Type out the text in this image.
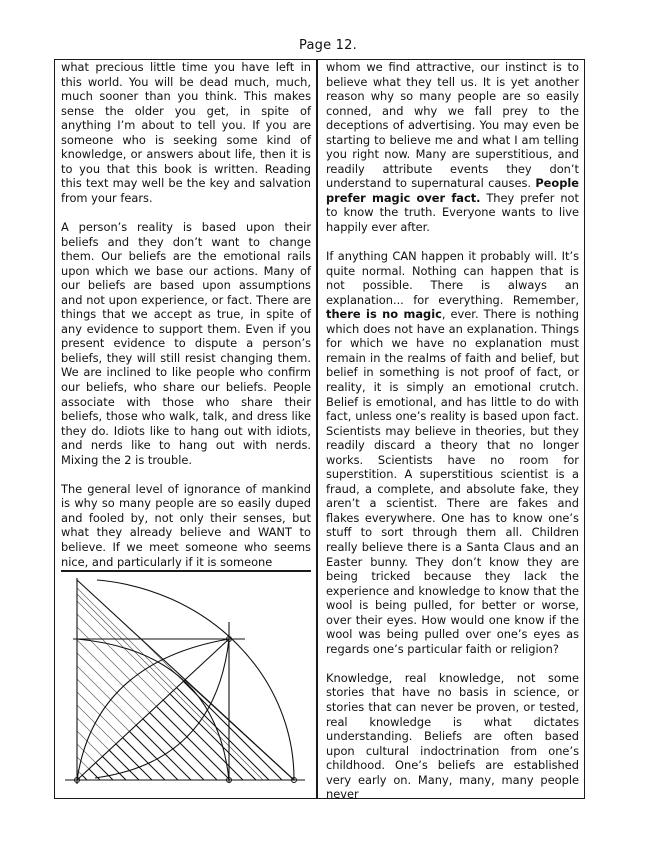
Page 12.

what precious little time you have left in this world. You will be dead much, much, much sooner than you think. This makes sense the older you get, in spite of anything I’m about to tell you. If you are someone who is seeking some kind of knowledge, or answers about life, then it is to you that this book is written. Reading this text may well be the key and salvation from your fears.

A person’s reality is based upon their beliefs and they don’t want to change them. Our beliefs are the emotional rails upon which we base our actions. Many of our beliefs are based upon assumptions and not upon experience, or fact. There are things that we accept as true, in spite of any evidence to support them. Even if you present evidence to dispute a person’s beliefs, they will still resist changing them. We are inclined to like people who confirm our beliefs, who share our beliefs. People associate with those who share their beliefs, those who walk, talk, and dress like they do. Idiots like to hang out with idiots, and nerds like to hang out with nerds. Mixing the 2 is trouble.

The general level of ignorance of mankind is why so many people are so easily duped and fooled by, not only their senses, but what they already believe and WANT to believe. If we meet someone who seems nice, and particularly if it is someone

whom we find attractive, our instinct is to believe what they tell us. It is yet another reason why so many people are so easily conned, and why we fall prey to the deceptions of advertising. You may even be starting to believe me and what I am telling you right now. Many are superstitious, and readily attribute events they don’t understand to supernatural causes. People prefer magic over fact. They prefer not to know the truth. Everyone wants to live happily ever after.

If anything CAN happen it probably will. It’s quite normal. Nothing can happen that is not possible. There is always an explanation... for everything. Remember, there is no magic, ever. There is nothing which does not have an explanation. Things for which we have no explanation must remain in the realms of faith and belief, but belief in something is not proof of fact, or reality, it is simply an emotional crutch. Belief is emotional, and has little to do with fact, unless one’s reality is based upon fact. Scientists may believe in theories, but they readily discard a theory that no longer works. Scientists have no room for superstition. A superstitious scientist is a fraud, a complete, and absolute fake, they aren’t a scientist. There are fakes and flakes everywhere. One has to know one’s stuff to sort through them all. Children really believe there is a Santa Claus and an Easter bunny. They don’t know they are being tricked because they lack the experience and knowledge to know that the wool is being pulled, for better or worse, over their eyes. How would one know if the wool was being pulled over one’s eyes as regards one’s particular faith or religion?

Knowledge, real knowledge, not some stories that have no basis in science, or stories that can never be proven, or tested, real knowledge is what dictates understanding. Beliefs are often based upon cultural indoctrination from one’s childhood. One’s beliefs are established very early on. Many, many, many people never
